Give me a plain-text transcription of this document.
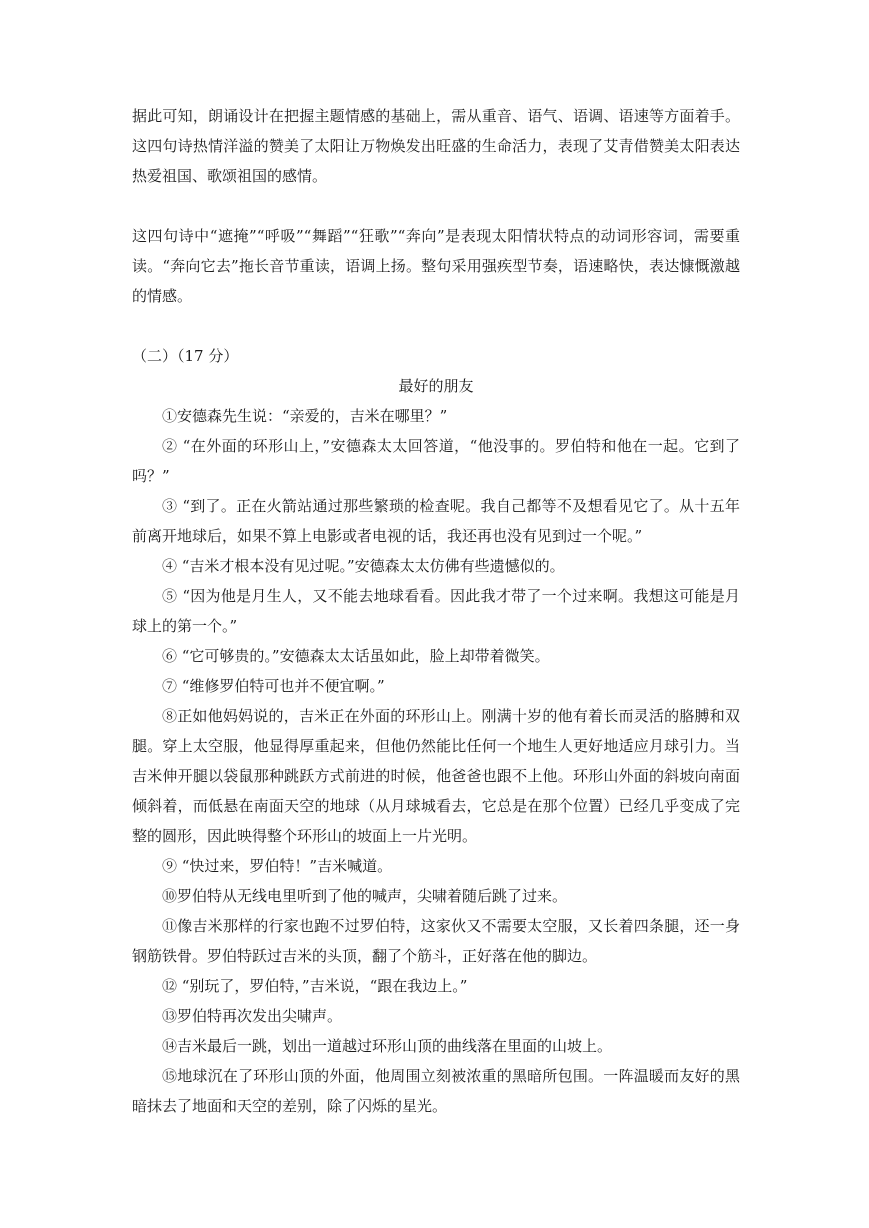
据此可知，朗诵设计在把握主题情感的基础上，需从重音、语气、语调、语速等方面着手。这四句诗热情洋溢的赞美了太阳让万物焕发出旺盛的生命活力，表现了艾青借赞美太阳表达热爱祖国、歌颂祖国的感情。

这四句诗中“遮掩”“呼吸”“舞蹈”“狂歌”“奔向”是表现太阳情状特点的动词形容词，需要重读。“奔向它去”拖长音节重读，语调上扬。整句采用强疾型节奏，语速略快，表达慷慨激越的情感。

（二）（17 分）

最好的朋友

①安德森先生说：“亲爱的，吉米在哪里？”

② “在外面的环形山上，”安德森太太回答道，“他没事的。罗伯特和他在一起。它到了吗？”

③ “到了。正在火箭站通过那些繁琐的检查呢。我自己都等不及想看见它了。从十五年前离开地球后，如果不算上电影或者电视的话，我还再也没有见到过一个呢。”

④ “吉米才根本没有见过呢。”安德森太太仿佛有些遗憾似的。

⑤ “因为他是月生人，又不能去地球看看。因此我才带了一个过来啊。我想这可能是月球上的第一个。”

⑥ “它可够贵的。”安德森太太话虽如此，脸上却带着微笑。

⑦ “维修罗伯特可也并不便宜啊。”

⑧正如他妈妈说的，吉米正在外面的环形山上。刚满十岁的他有着长而灵活的胳膊和双腿。穿上太空服，他显得厚重起来，但他仍然能比任何一个地生人更好地适应月球引力。当吉米伸开腿以袋鼠那种跳跃方式前进的时候，他爸爸也跟不上他。环形山外面的斜坡向南面倾斜着，而低悬在南面天空的地球（从月球城看去，它总是在那个位置）已经几乎变成了完整的圆形，因此映得整个环形山的坡面上一片光明。

⑨ “快过来，罗伯特！”吉米喊道。

⑩罗伯特从无线电里听到了他的喊声，尖啸着随后跳了过来。

⑪像吉米那样的行家也跑不过罗伯特，这家伙又不需要太空服，又长着四条腿，还一身钢筋铁骨。罗伯特跃过吉米的头顶，翻了个筋斗，正好落在他的脚边。

⑫ “别玩了，罗伯特，”吉米说，“跟在我边上。”

⑬罗伯特再次发出尖啸声。

⑭吉米最后一跳，划出一道越过环形山顶的曲线落在里面的山坡上。

⑮地球沉在了环形山顶的外面，他周围立刻被浓重的黑暗所包围。一阵温暖而友好的黑暗抹去了地面和天空的差别，除了闪烁的星光。
